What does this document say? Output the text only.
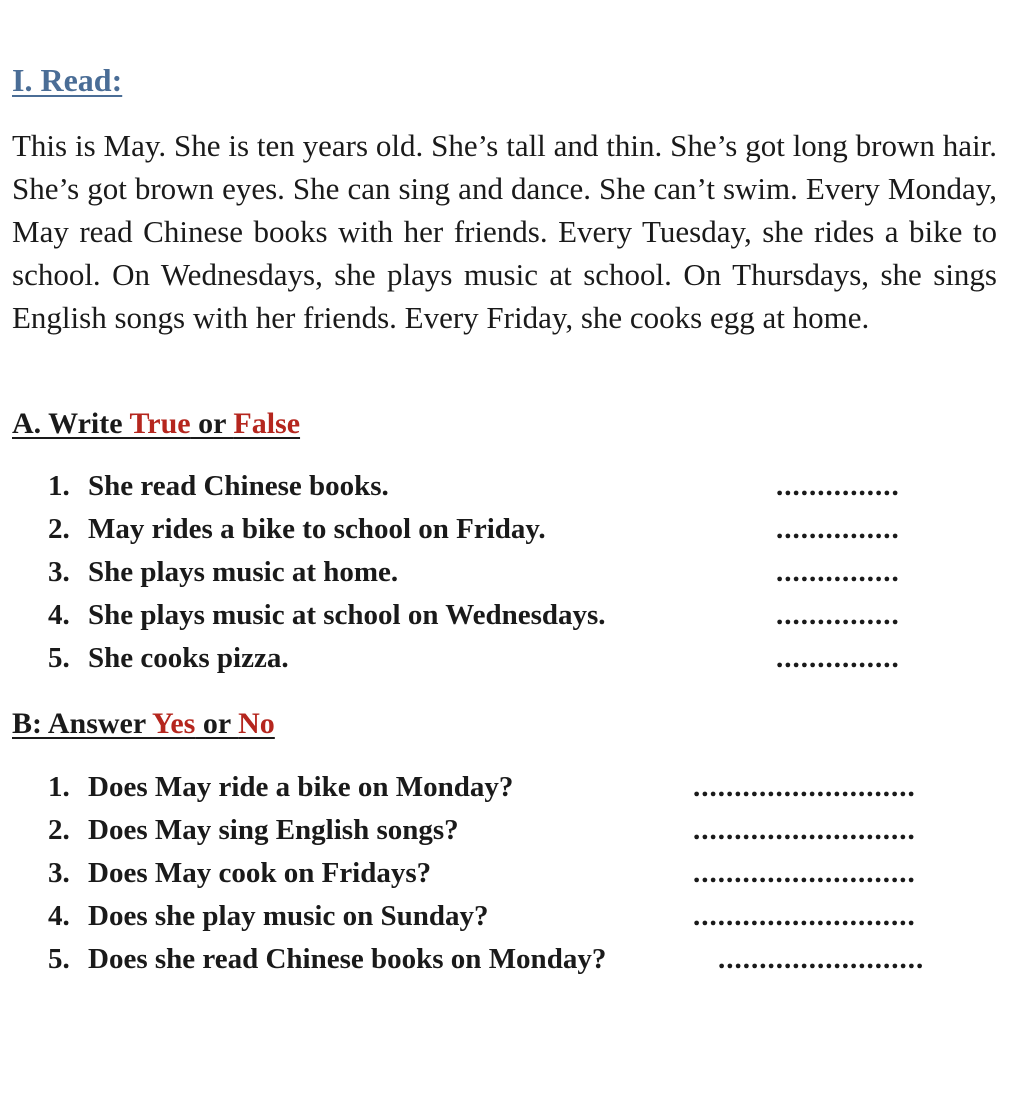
I. Read:

This is May. She is ten years old. She’s tall and thin. She’s got long brown hair. She’s got brown eyes. She can sing and dance. She can’t swim. Every Monday, May read Chinese books with her friends. Every Tuesday, she rides a bike to school. On Wednesdays, she plays music at school. On Thursdays, she sings English songs with her friends. Every Friday, she cooks egg at home.

A. Write True or False
1. She read Chinese books.	...............
2. May rides a bike to school on Friday.	...............
3. She plays music at home.	...............
4. She plays music at school on Wednesdays.	...............
5. She cooks pizza.	...............
B: Answer Yes or No
1. Does May ride a bike on Monday?	...........................
2. Does May sing English songs?	...........................
3. Does May cook on Fridays?	...........................
4. Does she play music on Sunday?	...........................
5. Does she read Chinese books on Monday?	.........................
